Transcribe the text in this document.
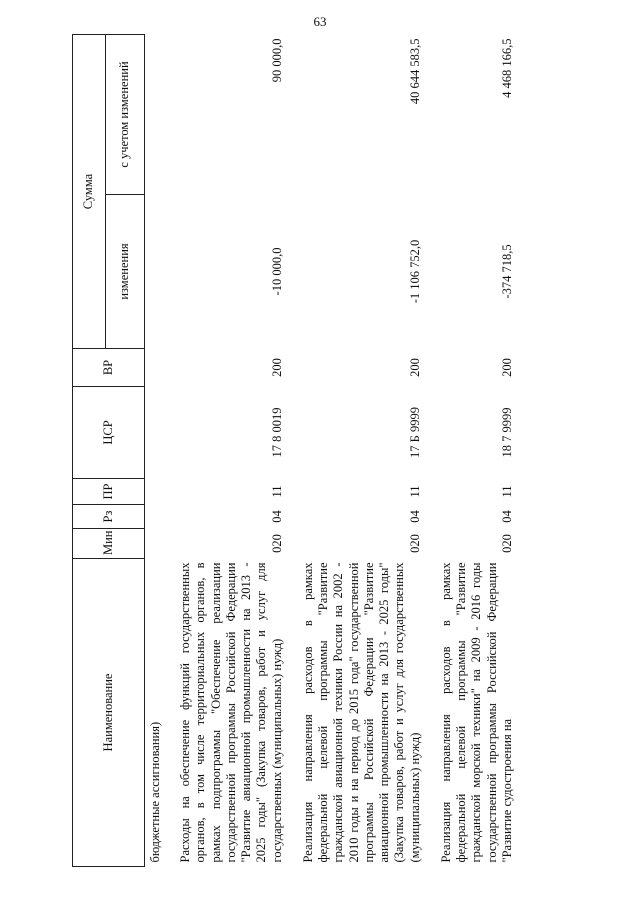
63
Наименование	Мин	Рз	ПР	ЦСР	ВР	Сумма	
						изменения	с учетом изменений
бюджетные ассигнования)							
Расходы на обеспечение функций государственных органов, в том числе территориальных органов, в рамках подпрограммы "Обеспечение реализации государственной программы Российской Федерации "Развитие авиационной промышленности на 2013 - 2025 годы" (Закупка товаров, работ и услуг для государственных (муниципальных) нужд)	020	04	11	17 8 0019	200	-10 000,0	90 000,0
Реализация направления расходов в рамках федеральной целевой программы "Развитие гражданской авиационной техники России на 2002 - 2010 годы и на период до 2015 года" государственной программы Российской Федерации "Развитие авиационной промышленности на 2013 - 2025 годы" (Закупка товаров, работ и услуг для государственных (муниципальных) нужд)	020	04	11	17 Б 9999	200	-1 106 752,0	40 644 583,5
Реализация направления расходов в рамках федеральной целевой программы "Развитие гражданской морской техники" на 2009 - 2016 годы государственной программы Российской Федерации "Развитие судостроения на	020	04	11	18 7 9999	200	-374 718,5	4 468 166,5
